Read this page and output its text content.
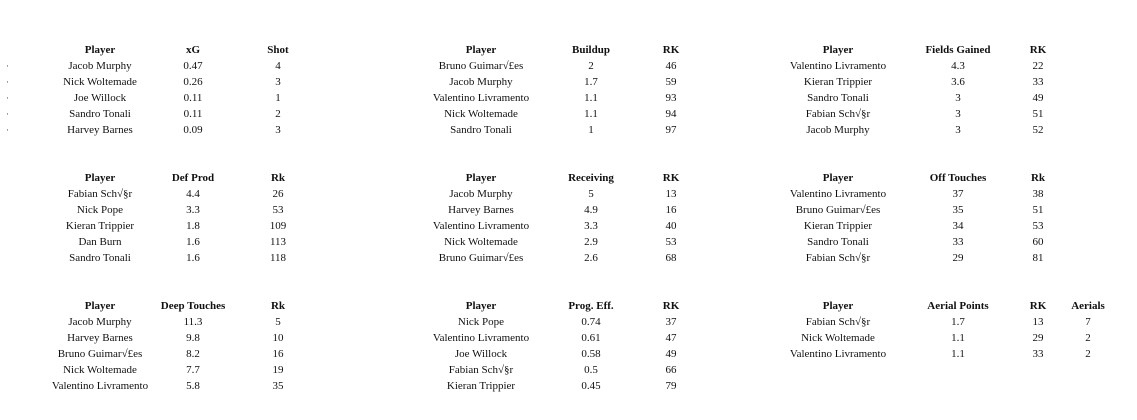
·
·
·
·
·
Player	xG	Shot
Jacob Murphy	0.47	4
Nick Woltemade	0.26	3
Joe Willock	0.11	1
Sandro Tonali	0.11	2
Harvey Barnes	0.09	3
Player	Buildup	RK
Bruno Guimar√£es	2	46
Jacob Murphy	1.7	59
Valentino Livramento	1.1	93
Nick Woltemade	1.1	94
Sandro Tonali	1	97
Player	Fields Gained	RK
Valentino Livramento	4.3	22
Kieran Trippier	3.6	33
Sandro Tonali	3	49
Fabian Sch√§r	3	51
Jacob Murphy	3	52
Player	Def Prod	Rk
Fabian Sch√§r	4.4	26
Nick Pope	3.3	53
Kieran Trippier	1.8	109
Dan Burn	1.6	113
Sandro Tonali	1.6	118
Player	Receiving	RK
Jacob Murphy	5	13
Harvey Barnes	4.9	16
Valentino Livramento	3.3	40
Nick Woltemade	2.9	53
Bruno Guimar√£es	2.6	68
Player	Off Touches	Rk
Valentino Livramento	37	38
Bruno Guimar√£es	35	51
Kieran Trippier	34	53
Sandro Tonali	33	60
Fabian Sch√§r	29	81
Player	Deep Touches	Rk
Jacob Murphy	11.3	5
Harvey Barnes	9.8	10
Bruno Guimar√£es	8.2	16
Nick Woltemade	7.7	19
Valentino Livramento	5.8	35
Player	Prog. Eff.	RK
Nick Pope	0.74	37
Valentino Livramento	0.61	47
Joe Willock	0.58	49
Fabian Sch√§r	0.5	66
Kieran Trippier	0.45	79
Player	Aerial Points	RK	Aerials
Fabian Sch√§r	1.7	13	7
Nick Woltemade	1.1	29	2
Valentino Livramento	1.1	33	2
